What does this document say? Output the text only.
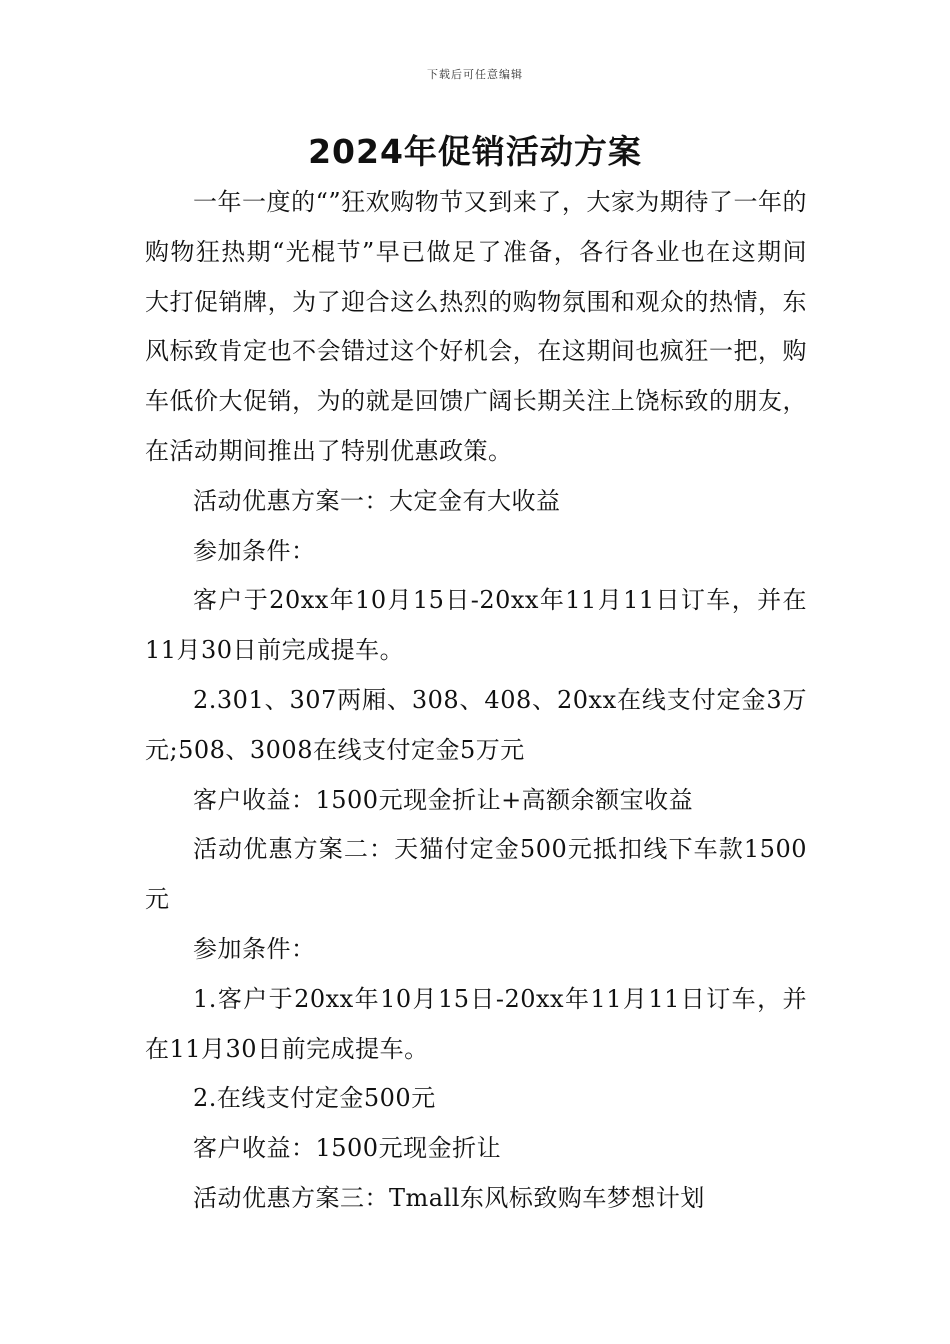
下载后可任意编辑
2024年促销活动方案

一年一度的“”狂欢购物节又到来了，大家为期待了一年的购物狂热期“光棍节”早已做足了准备，各行各业也在这期间大打促销牌，为了迎合这么热烈的购物氛围和观众的热情，东风标致肯定也不会错过这个好机会，在这期间也疯狂一把，购车低价大促销，为的就是回馈广阔长期关注上饶标致的朋友，在活动期间推出了特别优惠政策。

活动优惠方案一：大定金有大收益

参加条件：

客户于20xx年10月15日-20xx年11月11日订车，并在11月30日前完成提车。

2.301、307两厢、308、408、20xx在线支付定金3万元;508、3008在线支付定金5万元

客户收益：1500元现金折让+高额余额宝收益

活动优惠方案二：天猫付定金500元抵扣线下车款1500元

参加条件：

1.客户于20xx年10月15日-20xx年11月11日订车，并在11月30日前完成提车。

2.在线支付定金500元

客户收益：1500元现金折让

活动优惠方案三：Tmall东风标致购车梦想计划
